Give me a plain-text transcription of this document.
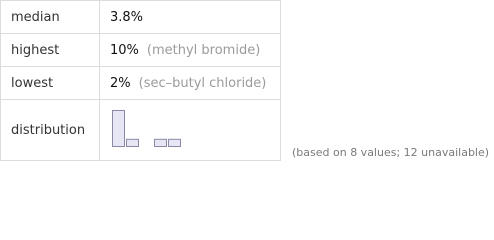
median	3.8%
highest	10% (methyl bromide)
lowest	2% (sec–butyl chloride)
distribution	
(based on 8 values; 12 unavailable)
